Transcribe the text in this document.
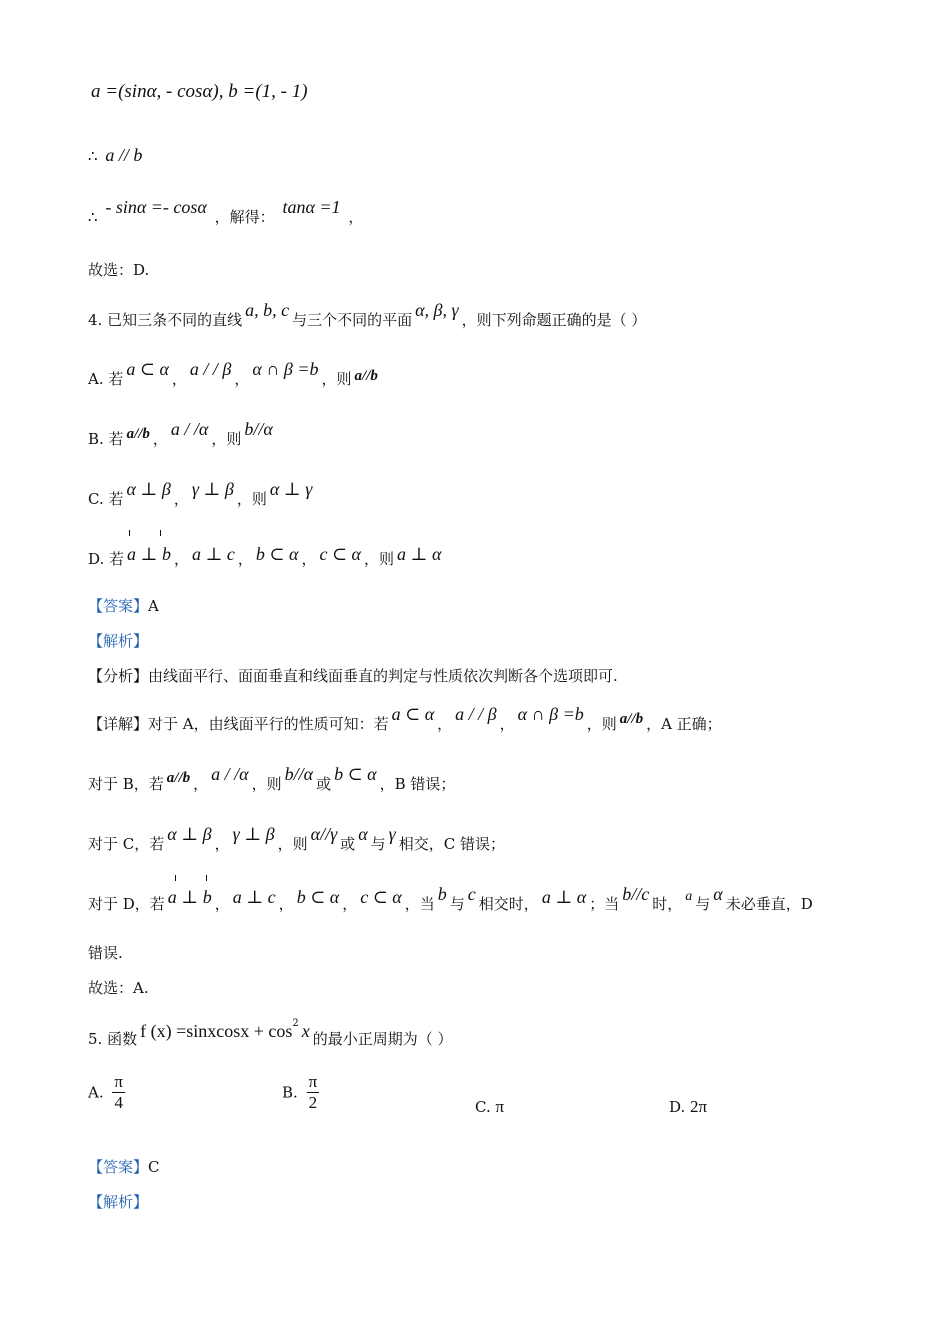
a =(sinα, - cosα), b =(1, - 1)
∴ a // b
∴ - sinα =- cosα ，解得： tanα =1 ，
故选：D.
4. 已知三条不同的直线 a, b, c 与三个不同的平面 α, β, γ ，则下列命题正确的是（ ）
A. 若 a ⊂ α ， a / / β ， α ∩ β =b ，则 a//b
B. 若 a//b ， a / /α ，则 b//α
C. 若 α ⊥ β ， γ ⊥ β ，则 α ⊥ γ
D. 若 a ⊥ b ， a ⊥ c ， b ⊂ α ， c ⊂ α ，则 a ⊥ α
【答案】A
【解析】
【分析】由线面平行、面面垂直和线面垂直的判定与性质依次判断各个选项即可.
【详解】对于 A，由线面平行的性质可知：若 a ⊂ α ， a / / β ， α ∩ β =b ，则 a//b ，A 正确；
对于 B，若 a//b ， a / /α ，则 b//α 或 b ⊂ α ，B 错误；
对于 C，若 α ⊥ β ， γ ⊥ β ，则 α//γ 或 α 与 γ 相交，C 错误；
对于 D，若 a ⊥ b ， a ⊥ c ， b ⊂ α ， c ⊂ α ，当 b 与 c 相交时， a ⊥ α ；当 b//c 时， a 与 α 未必垂直，D
错误.
故选：A.
5. 函数 f (x) =sinxcosx + $\cos^2 x$ 的最小正周期为（ ）
A. $\frac{\pi}{4}$	B. $\frac{\pi}{2}$	C. π	D. 2π
【答案】C
【解析】
